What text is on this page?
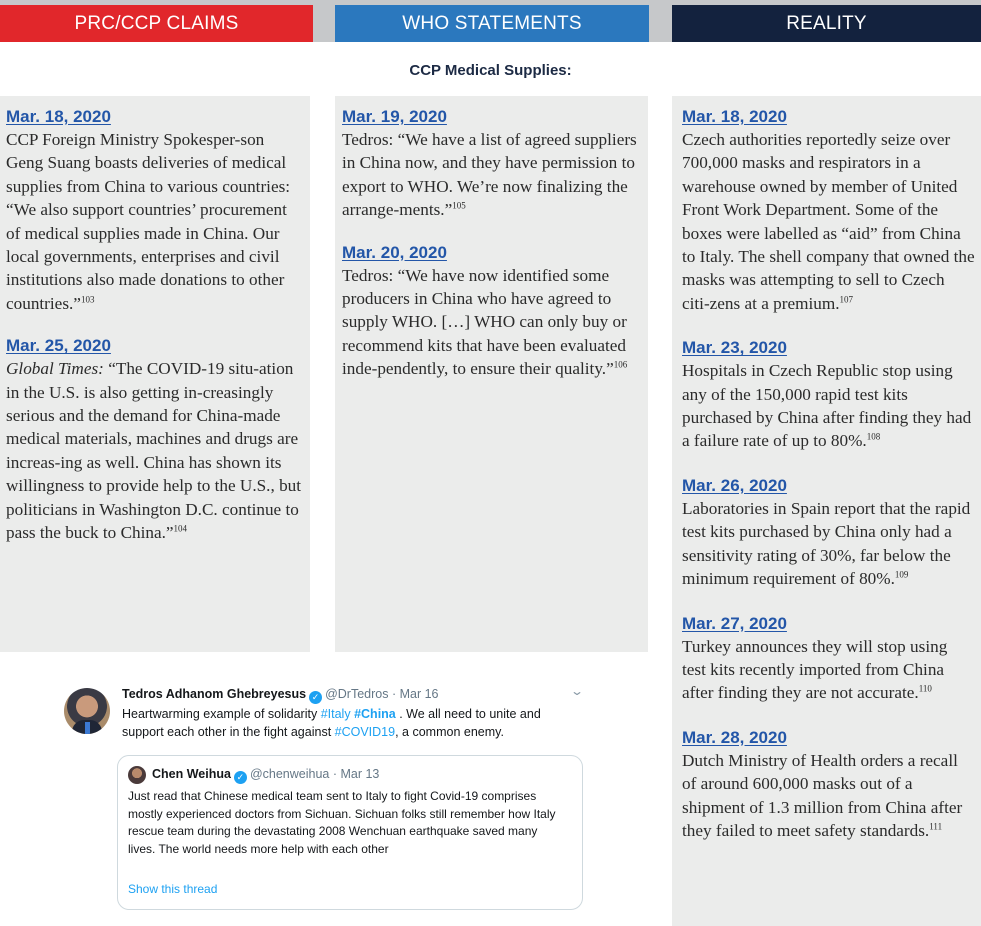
PRC/CCP CLAIMS	WHO STATEMENTS	REALITY
CCP Medical Supplies:
Mar. 18, 2020
CCP Foreign Ministry Spokesper-son Geng Suang boasts deliveries of medical supplies from China to various countries: “We also support countries’ procurement of medical supplies made in China. Our local governments, enterprises and civil institutions also made donations to other countries.”$^{103}$
Mar. 25, 2020
Global Times: “The COVID-19 situ-ation in the U.S. is also getting in-creasingly serious and the demand for China-made medical materials, machines and drugs are increas-ing as well. China has shown its willingness to provide help to the U.S., but politicians in Washington D.C. continue to pass the buck to China.”$^{104}$
Mar. 19, 2020
Tedros: “We have a list of agreed suppliers in China now, and they have permission to export to WHO. We’re now finalizing the arrange-ments.”$^{105}$
Mar. 20, 2020
Tedros: “We have now identified some producers in China who have agreed to supply WHO. […] WHO can only buy or recommend kits that have been evaluated inde-pendently, to ensure their quality.”$^{106}$
Mar. 18, 2020
Czech authorities reportedly seize over 700,000 masks and respirators in a warehouse owned by member of United Front Work Department. Some of the boxes were labelled as “aid” from China to Italy. The shell company that owned the masks was attempting to sell to Czech citi-zens at a premium.$^{107}$
Mar. 23, 2020
Hospitals in Czech Republic stop using any of the 150,000 rapid test kits purchased by China after finding they had a failure rate of up to 80%.$^{108}$
Mar. 26, 2020
Laboratories in Spain report that the rapid test kits purchased by China only had a sensitivity rating of 30%, far below the minimum requirement of 80%.$^{109}$
Mar. 27, 2020
Turkey announces they will stop using test kits recently imported from China after finding they are not accurate.$^{110}$
Mar. 28, 2020
Dutch Ministry of Health orders a recall of around 600,000 masks out of a shipment of 1.3 million from China after they failed to meet safety standards.$^{111}$
Tedros Adhanom Ghebreyesus ✓ @DrTedros · Mar 16	⌄
Heartwarming example of solidarity #Italy #China . We all need to unite and support each other in the fight against #COVID19, a common enemy.
Chen Weihua ✓ @chenweihua · Mar 13
Just read that Chinese medical team sent to Italy to fight Covid-19 comprises mostly experienced doctors from Sichuan. Sichuan folks still remember how Italy rescue team during the devastating 2008 Wenchuan earthquake saved many lives. The world needs more help with each other
Show this thread
